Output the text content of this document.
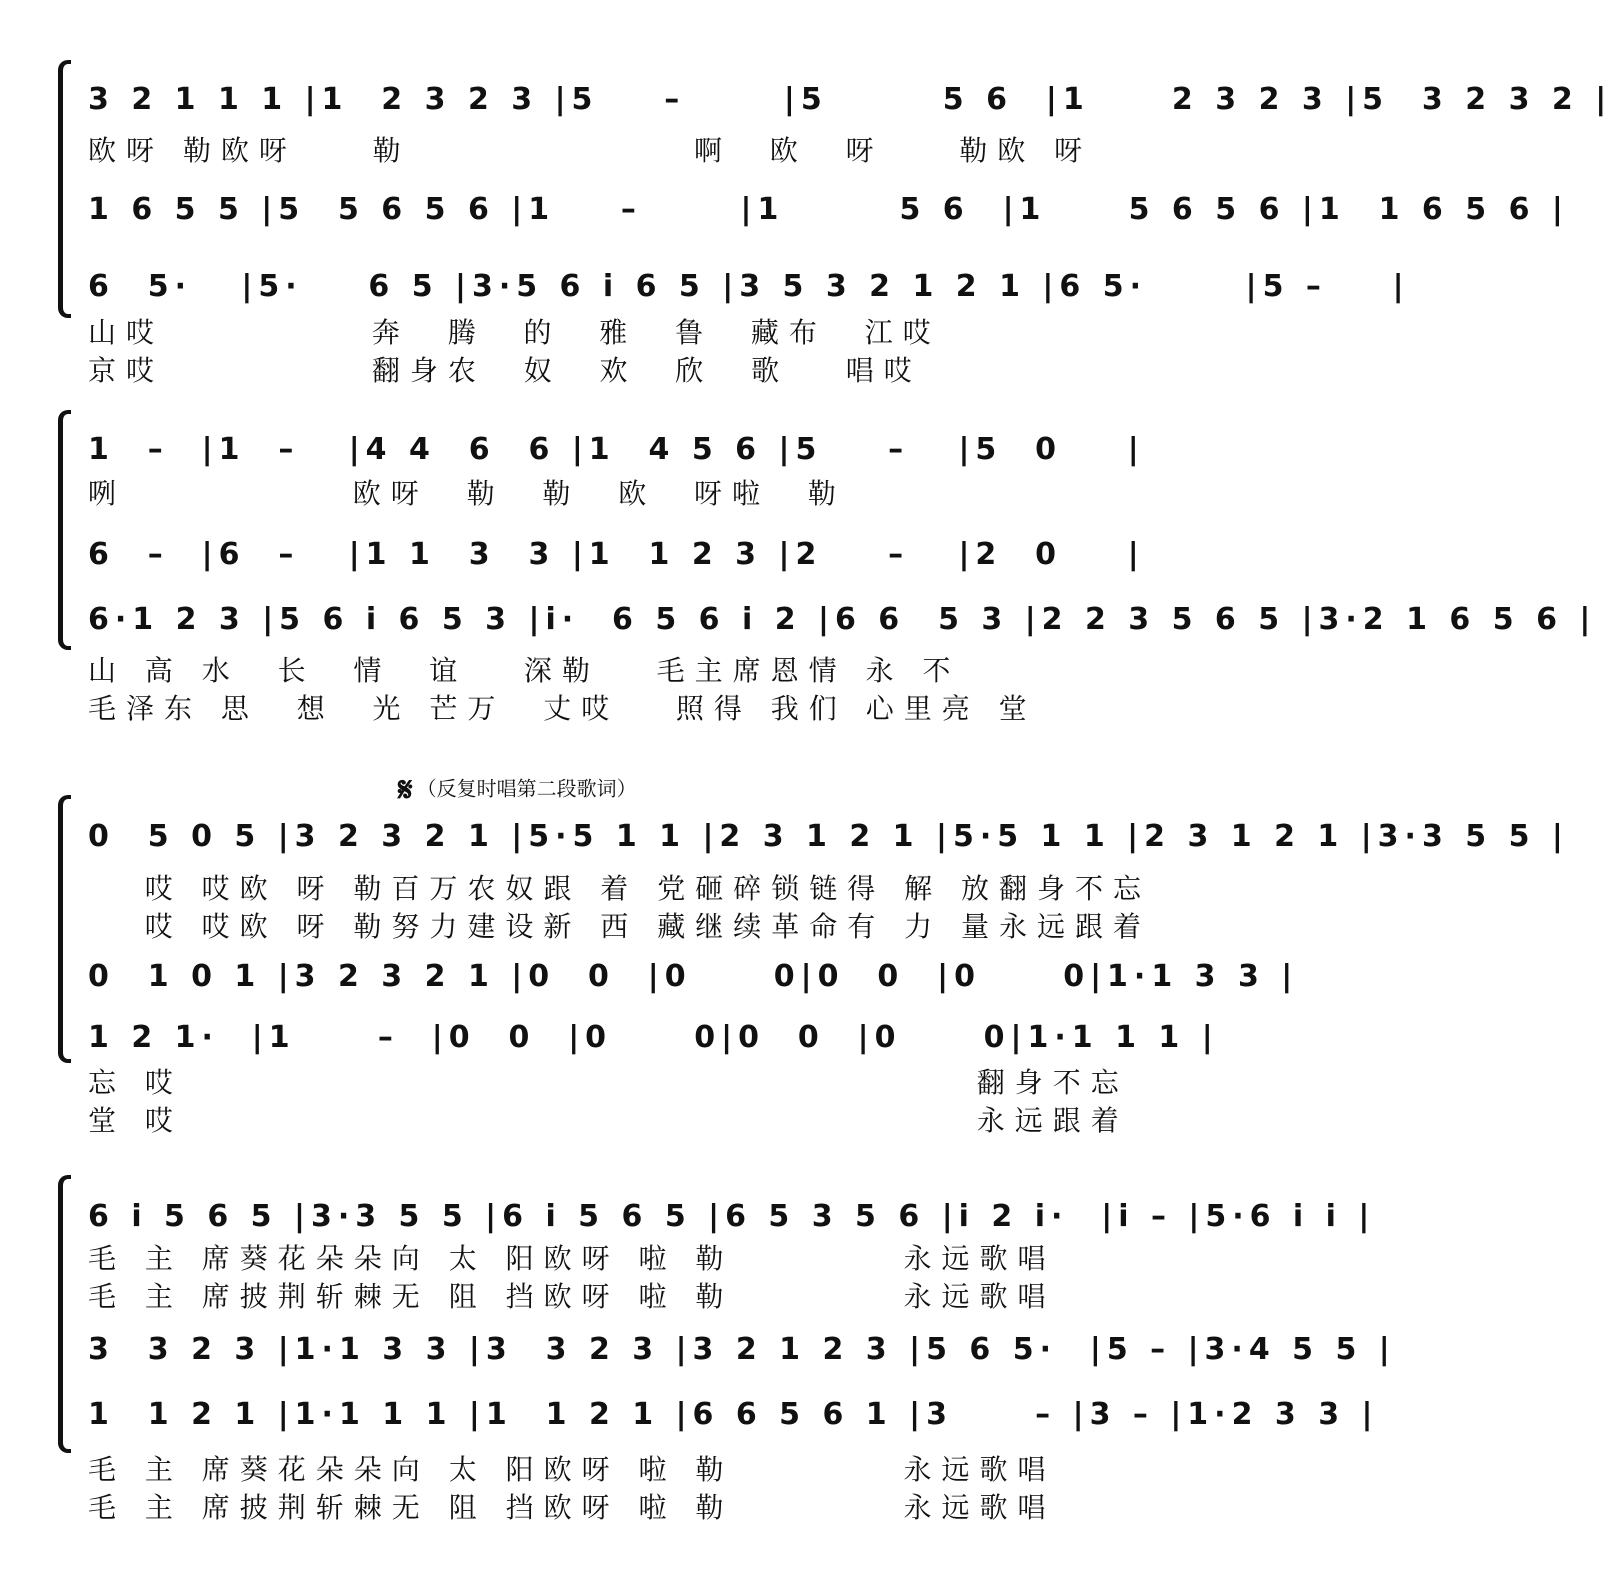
3 2 1 1 1 |1  2 3 2 3 |5    –      |5       5 6  |1     2 3 2 3 |5  3 2 3 2 |
欧呀 勒欧呀    勒               啊  欧  呀    勒欧 呀
1 6 5 5 |5  5 6 5 6 |1    –      |1       5 6  |1     5 6 5 6 |1  1 6 5 6 |
6  5·   |5·    6 5 |3·5 6 i 6 5 |3 5 3 2 1 2 1 |6 5·      |5 –    |
山哎           奔  腾  的  雅  鲁  藏布  江哎
京哎           翻身农  奴  欢  欣  歌   唱哎
1  –  |1  –   |4 4  6  6 |1  4 5 6 |5    –   |5  0    |
咧            欧呀  勒  勒  欧  呀啦  勒
6  –  |6  –   |1 1  3  3 |1  1 2 3 |2    –   |2  0    |
6·1 2 3 |5 6 i 6 5 3 |i·  6 5 6 i 2 |6 6  5 3 |2 2 3 5 6 5 |3·2 1 6 5 6 |
山 高 水  长  情  谊   深勒   毛主席恩情 永 不
毛泽东 思  想  光 芒万  丈哎   照得 我们 心里亮 堂
𝄋 （反复时唱第二段歌词）
0  5 0 5 |3 2 3 2 1 |5·5 1 1 |2 3 1 2 1 |5·5 1 1 |2 3 1 2 1 |3·3 5 5 |
哎 哎欧 呀 勒百万农奴跟 着 党砸碎锁链得 解 放翻身不忘
哎 哎欧 呀 勒努力建设新 西 藏继续革命有 力 量永远跟着
0  1 0 1 |3 2 3 2 1 |0  0  |0     0|0  0  |0     0|1·1 3 3 |
1 2 1·  |1     –  |0  0  |0     0|0  0  |0     0|1·1 1 1 |
忘 哎                                          翻身不忘
堂 哎                                          永远跟着
6 i 5 6 5 |3·3 5 5 |6 i 5 6 5 |6 5 3 5 6 |i 2 i·  |i – |5·6 i i |
毛 主 席葵花朵朵向 太 阳欧呀 啦 勒         永远歌唱
毛 主 席披荆斩棘无 阻 挡欧呀 啦 勒         永远歌唱
3  3 2 3 |1·1 3 3 |3  3 2 3 |3 2 1 2 3 |5 6 5·  |5 – |3·4 5 5 |
1  1 2 1 |1·1 1 1 |1  1 2 1 |6 6 5 6 1 |3     – |3 – |1·2 3 3 |
毛 主 席葵花朵朵向 太 阳欧呀 啦 勒         永远歌唱
毛 主 席披荆斩棘无 阻 挡欧呀 啦 勒         永远歌唱
